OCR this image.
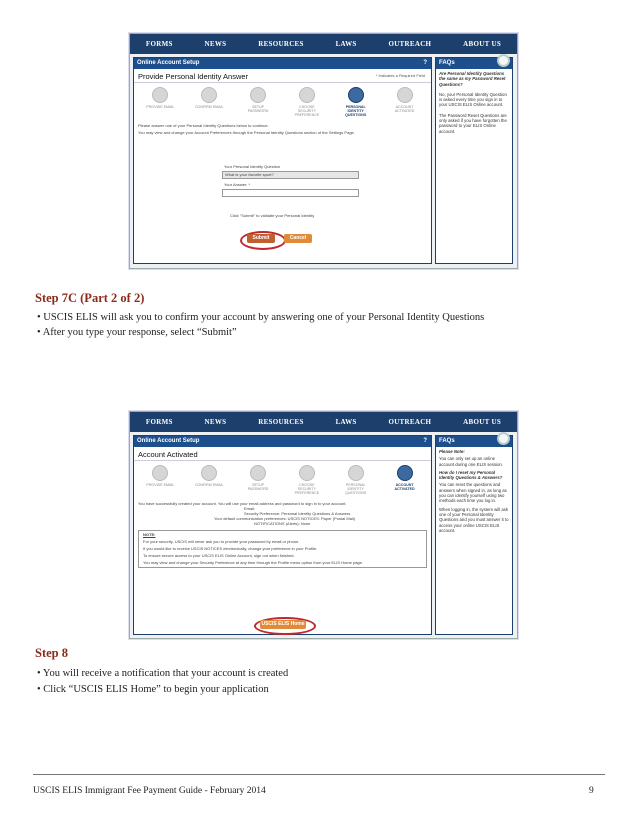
FORMS	NEWS	RESOURCES	LAWS	OUTREACH	ABOUT US
Online Account Setup	?
Provide Personal Identity Answer	* Indicates a Required Field
PROVIDE EMAIL	CONFIRM EMAIL	SETUP PASSWORD
CHOOSE SECURITY PREFERENCE
PERSONAL IDENTITY QUESTIONS
ACCOUNT ACTIVATED
Please answer one of your Personal Identity Questions below to continue.
You may view and change your Account Preferences through the Personal Identity Questions section of the Settings Page.
Your Personal Identity Question
What is your favorite sport?
Your Answer: *
Click "Submit" to validate your Personal Identity
Submit	Cancel
FAQs
Are Personal Identity Questions the same as my Password Reset Questions?
No, your Personal Identity Question is asked every time you sign in to your USCIS ELIS Online account.
The Password Reset Questions are only asked if you have forgotten the password to your ELIS Online account.
Step 7C (Part 2 of 2)
• USCIS ELIS will ask you to confirm your account by answering one of your Personal Identity Questions
• After you type your response, select “Submit”
FORMS	NEWS	RESOURCES	LAWS	OUTREACH	ABOUT US
Online Account Setup	?
Account Activated
PROVIDE EMAIL	CONFIRM EMAIL	SETUP PASSWORD
CHOOSE SECURITY PREFERENCE
PERSONAL IDENTITY QUESTIONS
ACCOUNT ACTIVATED
You have successfully created your account. You will use your email address and password to sign in to your account.
Email:
Security Preference: Personal Identity Questions & Answers
Your default communication preferences: USCIS NOTICES: Paper (Postal Mail)
NOTIFICATIONS (Alerts): None
NOTE:
For your security, USCIS will never ask you to provide your password by email or phone.
If you would like to receive USCIS NOTICES electronically, change your preference in your Profile.
To ensure secure access to your USCIS ELIS Online Account, sign out when finished.
You may view and change your Security Preference at any time through the Profile menu option from your ELIS Home page.
USCIS ELIS Home
FAQs
Please Note:
You can only set up an online account during one ELIS session.
How do I reset my Personal Identity Questions & Answers?
You can reset the questions and answers when signed in, as long as you can identify yourself using two methods each time you log in.
When logging in, the system will ask one of your Personal Identity Questions and you must answer it to access your online USCIS ELIS account.
Step 8
• You will receive a notification that your account is created
• Click “USCIS ELIS Home” to begin your application
USCIS ELIS Immigrant Fee Payment Guide - February 2014	9
